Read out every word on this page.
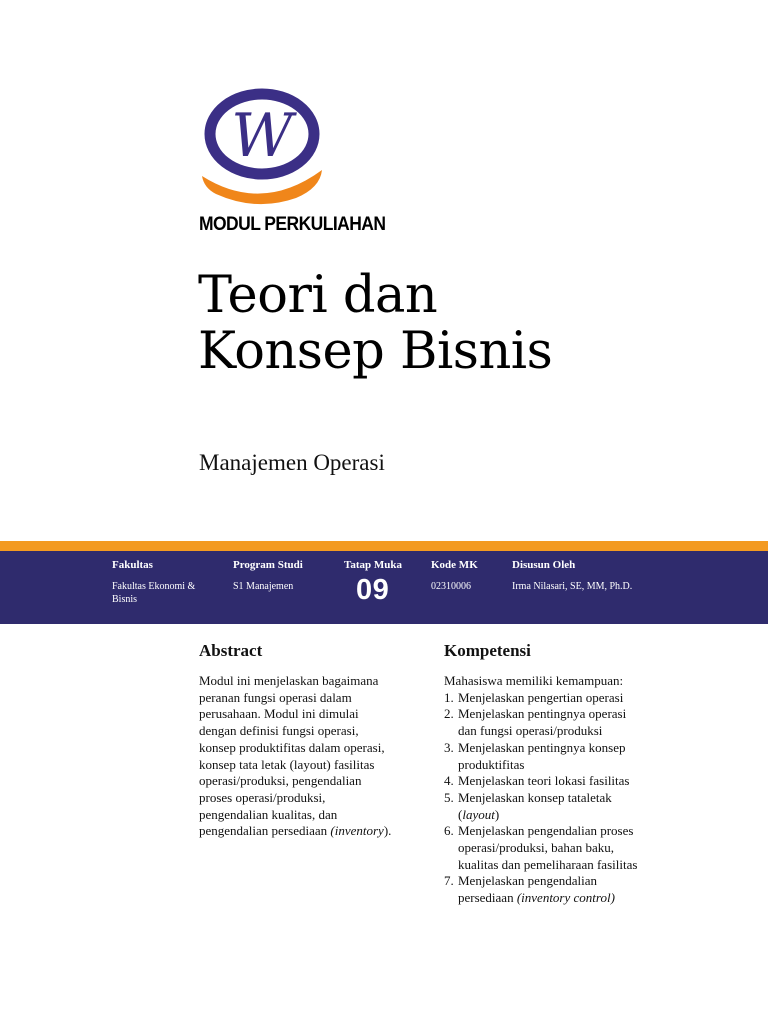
W
MODUL PERKULIAHAN
Teori dan
Konsep Bisnis
Manajemen Operasi
Fakultas
Fakultas Ekonomi &
Bisnis
Program Studi
S1 Manajemen
Tatap Muka
09
Kode MK
02310006
Disusun Oleh
Irma Nilasari, SE, MM, Ph.D.
Abstract	Kompetensi

Modul ini menjelaskan bagaimana

peranan fungsi operasi dalam

perusahaan. Modul ini dimulai

dengan definisi fungsi operasi,

konsep produktifitas dalam operasi,

konsep tata letak (layout) fasilitas

operasi/produksi, pengendalian

proses operasi/produksi,

pengendalian kualitas, dan

pengendalian persediaan (inventory).

Mahasiswa memiliki kemampuan:

1. Menjelaskan pengertian operasi
2. Menjelaskan pentingnya operasi
dan fungsi operasi/produksi
3. Menjelaskan pentingnya konsep
produktifitas
4. Menjelaskan teori lokasi fasilitas
5. Menjelaskan konsep tataletak
(layout)
6. Menjelaskan pengendalian proses
operasi/produksi, bahan baku,
kualitas dan pemeliharaan fasilitas
7. Menjelaskan pengendalian
persediaan (inventory control)
